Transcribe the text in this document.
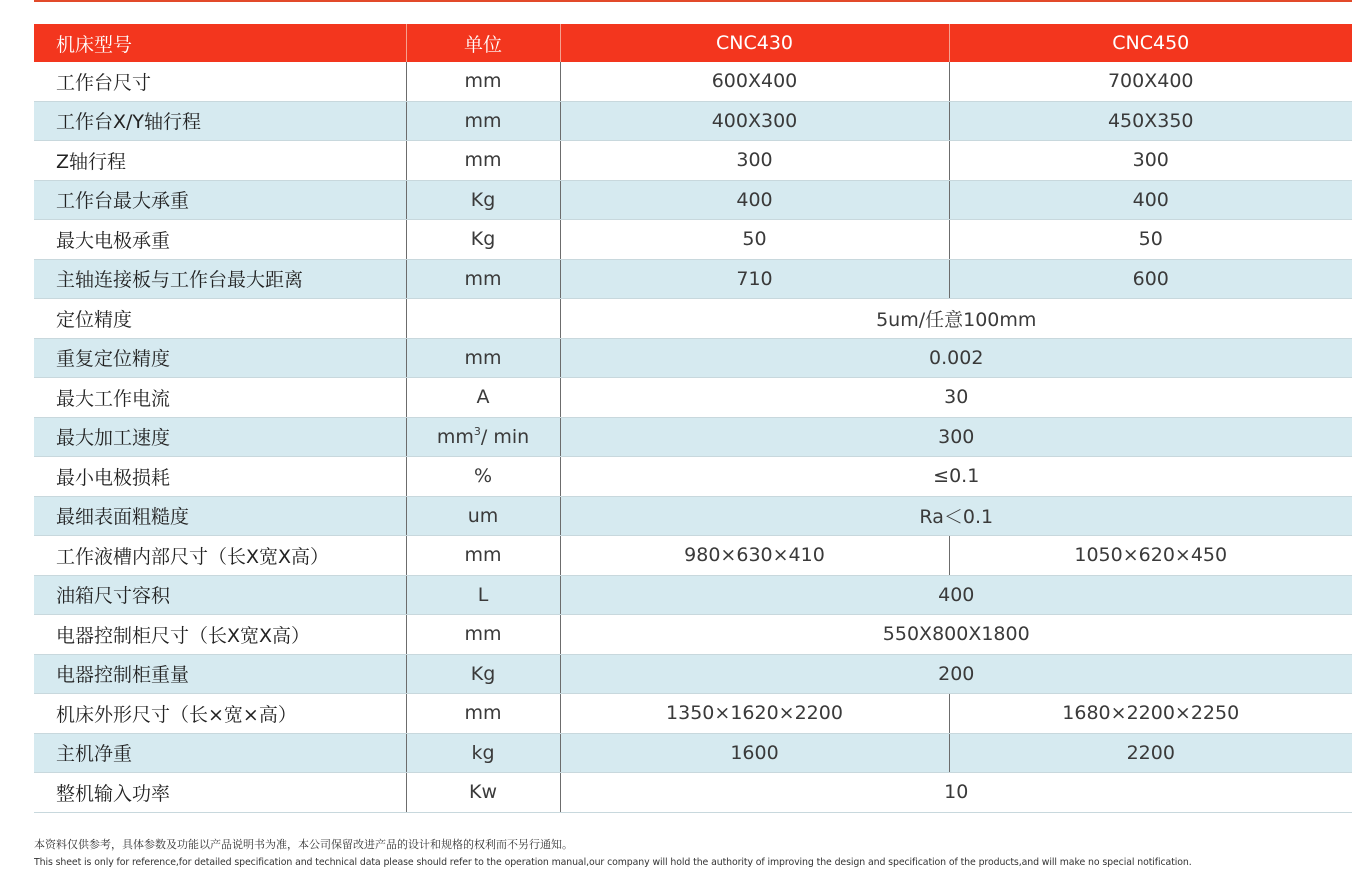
机床型号	单位	CNC430	CNC450
工作台尺寸	mm	600X400	700X400
工作台X/Y轴行程	mm	400X300	450X350
Z轴行程	mm	300	300
工作台最大承重	Kg	400	400
最大电极承重	Kg	50	50
主轴连接板与工作台最大距离	mm	710	600
定位精度		5um/任意100mm	
重复定位精度	mm	0.002	
最大工作电流	A	30	
最大加工速度	$mm^3/$ min	300	
最小电极损耗	%	≤0.1	
最细表面粗糙度	um	Ra＜0.1	
工作液槽内部尺寸（长X宽X高）	mm	980×630×410	1050×620×450
油箱尺寸容积	L	400	
电器控制柜尺寸（长X宽X高）	mm	550X800X1800	
电器控制柜重量	Kg	200	
机床外形尺寸（长×宽×高）	mm	1350×1620×2200	1680×2200×2250
主机净重	kg	1600	2200
整机输入功率	Kw	10	
本资料仅供参考，具体参数及功能以产品说明书为准，本公司保留改进产品的设计和规格的权利而不另行通知。
This sheet is only for reference,for detailed specification and technical data please should refer to the operation manual,our company will hold the authority of improving the design and specification of the products,and will make no special notification.
